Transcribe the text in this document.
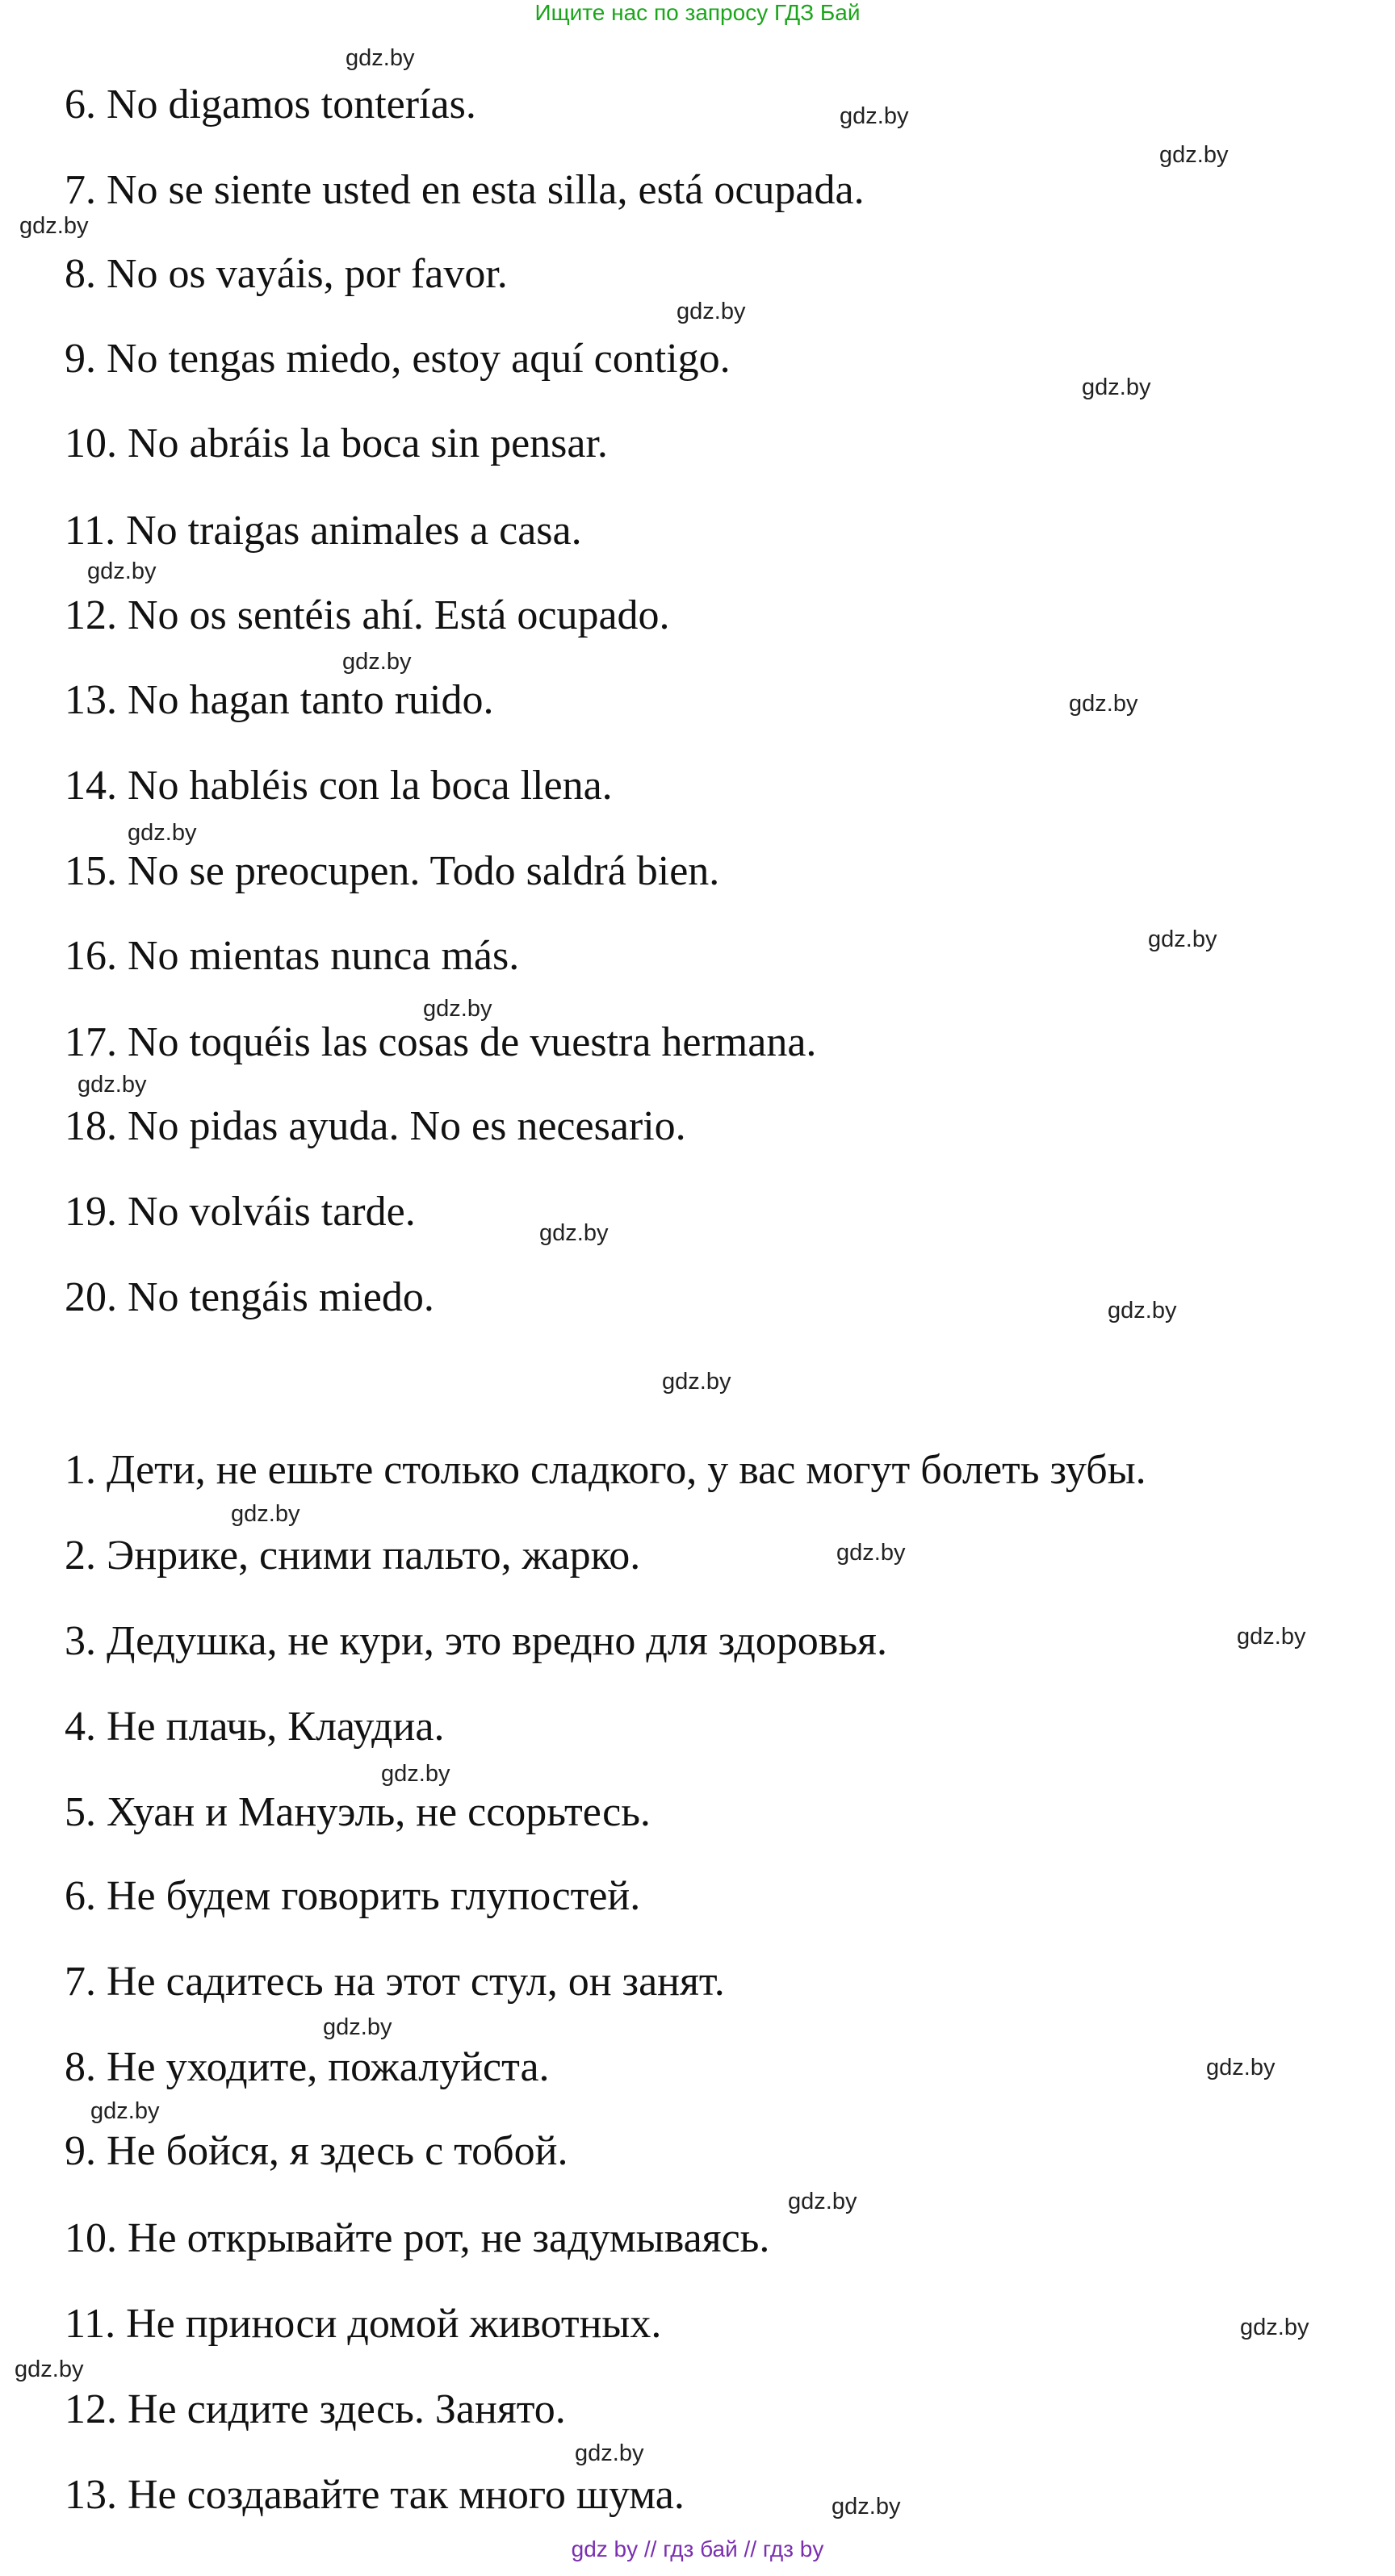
Ищите нас по запросу ГДЗ Бай
6. No digamos tonterías.
7. No se siente usted en esta silla, está ocupada.
8. No os vayáis, por favor.
9. No tengas miedo, estoy aquí contigo.
10. No abráis la boca sin pensar.
11. No traigas animales a casa.
12. No os sentéis ahí. Está ocupado.
13. No hagan tanto ruido.
14. No habléis con la boca llena.
15. No se preocupen. Todo saldrá bien.
16. No mientas nunca más.
17. No toquéis las cosas de vuestra hermana.
18. No pidas ayuda. No es necesario.
19. No volváis tarde.
20. No tengáis miedo.
1. Дети, не ешьте столько сладкого, у вас могут болеть зубы.
2. Энрике, сними пальто, жарко.
3. Дедушка, не кури, это вредно для здоровья.
4. Не плачь, Клаудиа.
5. Хуан и Мануэль, не ссорьтесь.
6. Не будем говорить глупостей.
7. Не садитесь на этот стул, он занят.
8. Не уходите, пожалуйста.
9. Не бойся, я здесь с тобой.
10. Не открывайте рот, не задумываясь.
11. Не приноси домой животных.
12. Не сидите здесь. Занято.
13. Не создавайте так много шума.
gdz.by
gdz.by
gdz.by
gdz.by
gdz.by
gdz.by
gdz.by
gdz.by
gdz.by
gdz.by
gdz.by
gdz.by
gdz.by
gdz.by
gdz.by
gdz.by
gdz.by
gdz.by
gdz.by
gdz.by
gdz.by
gdz.by
gdz.by
gdz.by
gdz.by
gdz.by
gdz.by
gdz.by
gdz by // гдз бай // гдз by
